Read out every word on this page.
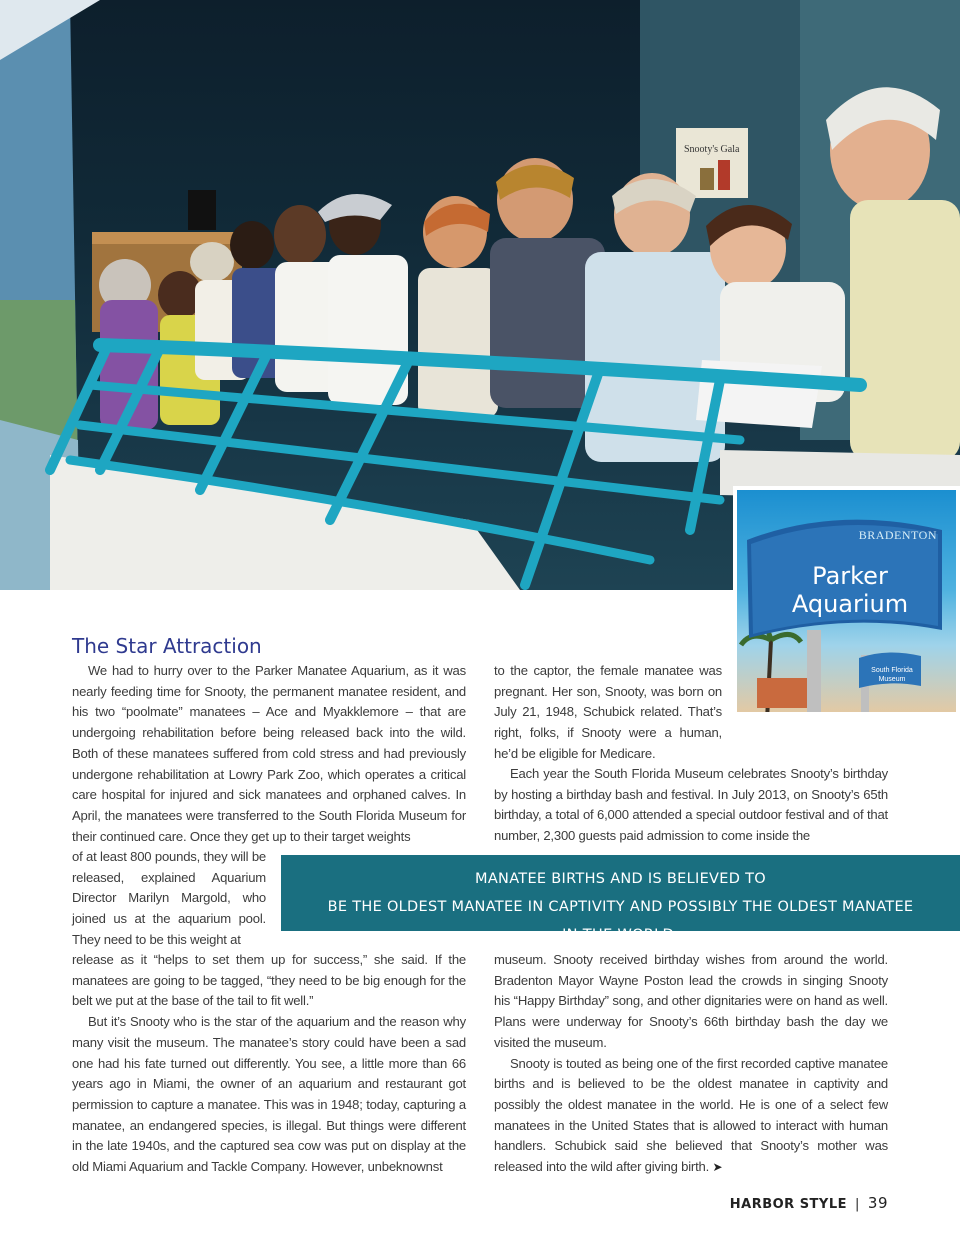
Snooty's Gala
BRADENTON
Parker
Aquarium
South Florida
Museum
The Star Attraction

We had to hurry over to the Parker Manatee Aquarium, as it was nearly feeding time for Snooty, the permanent manatee resident, and his two “poolmate” manatees – Ace and Myakklemore – that are undergoing rehabilitation before being released back into the wild. Both of these manatees suffered from cold stress and had previously undergone rehabilitation at Lowry Park Zoo, which operates a critical care hospital for injured and sick manatees and orphaned calves. In April, the manatees were transferred to the South Florida Museum for their continued care. Once they get up to their target weights

of at least 800 pounds, they will be released, explained Aquarium Director Marilyn Margold, who joined us at the aquarium pool. They need to be this weight at

release as it “helps to set them up for success,” she said. If the manatees are going to be tagged, “they need to be big enough for the belt we put at the base of the tail to fit well.”

But it’s Snooty who is the star of the aquarium and the reason why many visit the museum. The manatee’s story could have been a sad one had his fate turned out differently. You see, a little more than 66 years ago in Miami, the owner of an aquarium and restaurant got permission to capture a manatee. This was in 1948; today, capturing a manatee, an endangered species, is illegal. But things were different in the late 1940s, and the captured sea cow was put on display at the old Miami Aquarium and Tackle Company. However, unbeknownst

to the captor, the female manatee was pregnant. Her son, Snooty, was born on July 21, 1948, Schubick related. That’s right, folks, if Snooty were a human, he’d be eligible for Medicare.

Each year the South Florida Museum celebrates Snooty’s birthday by hosting a birthday bash and festival. In July 2013, on Snooty’s 65th birthday, a total of 6,000 attended a special outdoor festival and of that number, 2,300 guests paid admission to come inside the

museum. Snooty received birthday wishes from around the world. Bradenton Mayor Wayne Poston lead the crowds in singing Snooty his “Happy Birthday” song, and other dignitaries were on hand as well. Plans were underway for Snooty’s 66th birthday bash the day we visited the museum.

Snooty is touted as being one of the first recorded captive manatee births and is believed to be the oldest manatee in captivity and possibly the oldest manatee in the world. He is one of a select few manatees in the United States that is allowed to interact with human handlers. Schubick said she believed that Snooty’s mother was released into the wild after giving birth. ➤

SNOOTY IS TOUTED AS BEING ONE OF THE FIRST RECORDED CAPTIVE MANATEE BIRTHS AND IS BELIEVED TO
BE THE OLDEST MANATEE IN CAPTIVITY AND POSSIBLY THE OLDEST MANATEE IN THE WORLD.
HARBOR STYLE | 39
